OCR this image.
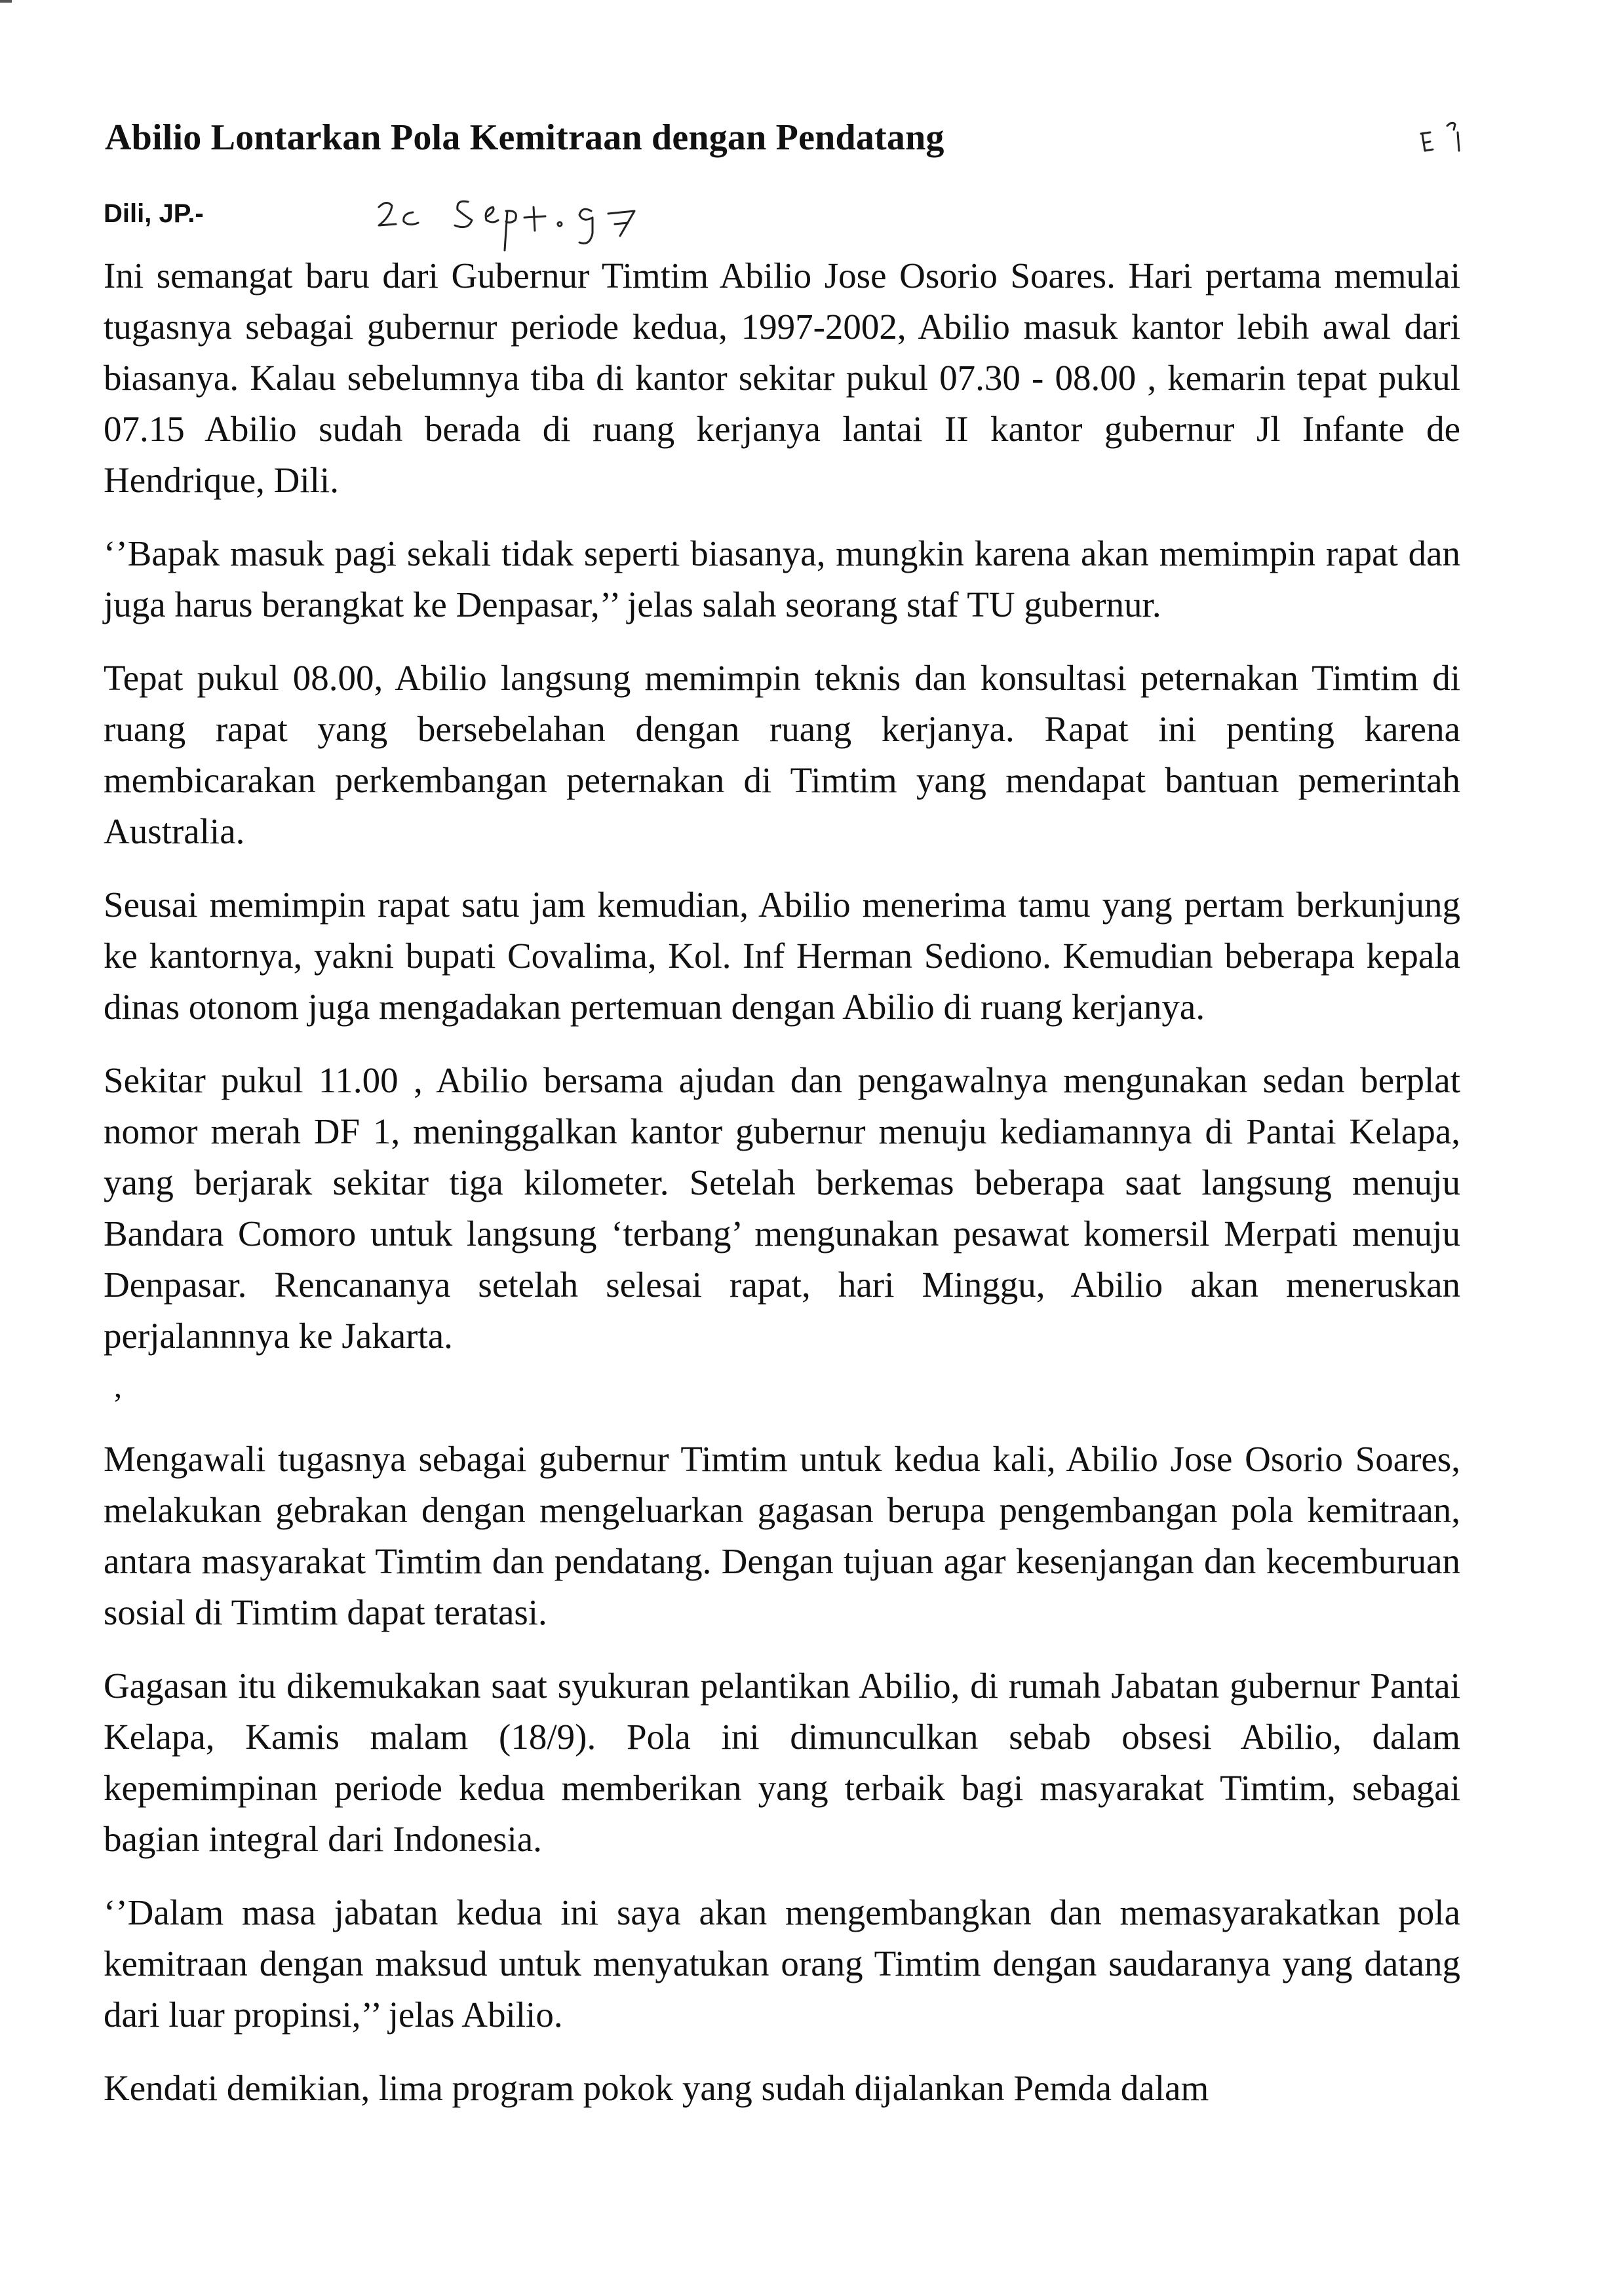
Abilio Lontarkan Pola Kemitraan dengan Pendatang
Dili, JP.-

Ini semangat baru dari Gubernur Timtim Abilio Jose Osorio Soares. Hari pertama memulai tugasnya sebagai gubernur periode kedua, 1997-2002, Abilio masuk kantor lebih awal dari biasanya. Kalau sebelumnya tiba di kantor sekitar pukul 07.30 - 08.00 , kemarin tepat pukul 07.15 Abilio sudah berada di ruang kerjanya lantai II kantor gubernur Jl Infante de Hendrique, Dili.

‘’Bapak masuk pagi sekali tidak seperti biasanya, mungkin karena akan memimpin rapat dan juga harus berangkat ke Denpasar,’’ jelas salah seorang staf TU gubernur.

Tepat pukul 08.00, Abilio langsung memimpin teknis dan konsultasi peternakan Timtim di ruang rapat yang bersebelahan dengan ruang kerjanya. Rapat ini penting karena membicarakan perkembangan peternakan di Timtim yang mendapat bantuan pemerintah Australia.

Seusai memimpin rapat satu jam kemudian, Abilio menerima tamu yang pertam berkunjung ke kantornya, yakni bupati Covalima, Kol. Inf Herman Sediono. Kemudian beberapa kepala dinas otonom juga mengadakan pertemuan dengan Abilio di ruang kerjanya.

Sekitar pukul 11.00 , Abilio bersama ajudan dan pengawalnya mengunakan sedan berplat nomor merah DF 1, meninggalkan kantor gubernur menuju kediamannya di Pantai Kelapa, yang berjarak sekitar tiga kilometer. Setelah berkemas beberapa saat langsung menuju Bandara Comoro untuk langsung ‘terbang’ mengunakan pesawat komersil Merpati menuju Denpasar. Rencananya setelah selesai rapat, hari Minggu, Abilio akan meneruskan perjalannnya ke Jakarta.

,

Mengawali tugasnya sebagai gubernur Timtim untuk kedua kali, Abilio Jose Osorio Soares, melakukan gebrakan dengan mengeluarkan gagasan berupa pengembangan pola kemitraan, antara masyarakat Timtim dan pendatang. Dengan tujuan agar kesenjangan dan kecemburuan sosial di Timtim dapat teratasi.

Gagasan itu dikemukakan saat syukuran pelantikan Abilio, di rumah Jabatan gubernur Pantai Kelapa, Kamis malam (18/9). Pola ini dimunculkan sebab obsesi Abilio, dalam kepemimpinan periode kedua memberikan yang terbaik bagi masyarakat Timtim, sebagai bagian integral dari Indonesia.

‘’Dalam masa jabatan kedua ini saya akan mengembangkan dan memasyarakatkan pola kemitraan dengan maksud untuk menyatukan orang Timtim dengan saudaranya yang datang dari luar propinsi,’’ jelas Abilio.

Kendati demikian, lima program pokok yang sudah dijalankan Pemda dalam
